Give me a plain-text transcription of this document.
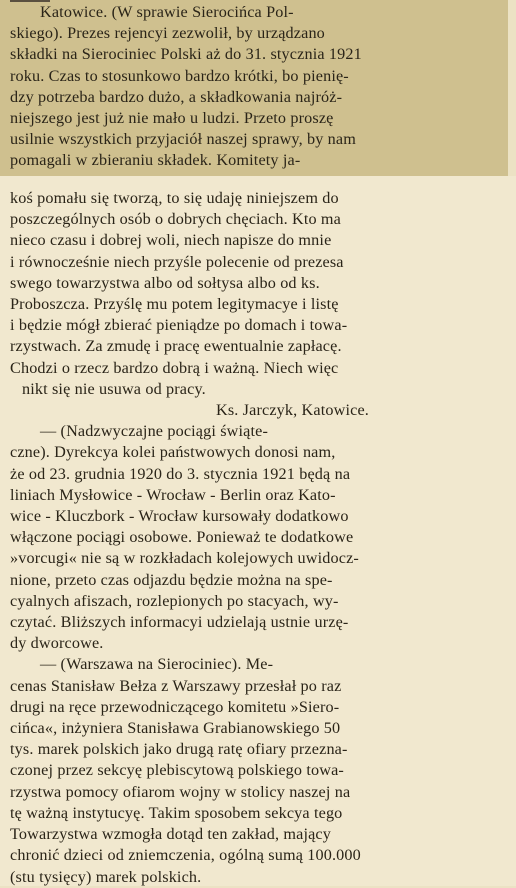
Katowice. (W sprawie Sierocińca Pol-
skiego). Prezes rejencyi zezwolił, by urządzano
składki na Sierociniec Polski aż do 31. stycznia 1921
roku. Czas to stosunkowo bardzo krótki, bo pienię-
dzy potrzeba bardzo dużo, a składkowania najróż-
niejszego jest już nie mało u ludzi. Przeto proszę
usilnie wszystkich przyjaciół naszej sprawy, by nam
pomagali w zbieraniu składek. Komitety ja-
koś pomału się tworzą, to się udaję niniejszem do
poszczególnych osób o dobrych chęciach. Kto ma
nieco czasu i dobrej woli, niech napisze do mnie
i równocześnie niech przyśle polecenie od prezesa
swego towarzystwa albo od sołtysa albo od ks.
Proboszcza. Przyślę mu potem legitymacye i listę
i będzie mógł zbierać pieniądze po domach i towa-
rzystwach. Za zmudę i pracę ewentualnie zapłacę.
Chodzi o rzecz bardzo dobrą i ważną. Niech więc
nikt się nie usuwa od pracy.
Ks. Jarczyk, Katowice.
— (Nadzwyczajne pociągi świąte-
czne). Dyrekcya kolei państwowych donosi nam,
że od 23. grudnia 1920 do 3. stycznia 1921 będą na
liniach Mysłowice - Wrocław - Berlin oraz Kato-
wice - Kluczbork - Wrocław kursowały dodatkowo
włączone pociągi osobowe. Ponieważ te dodatkowe
»vorcugi« nie są w rozkładach kolejowych uwidocz-
nione, przeto czas odjazdu będzie można na spe-
cyalnych afiszach, rozlepionych po stacyach, wy-
czytać. Bliższych informacyi udzielają ustnie urzę-
dy dworcowe.
— (Warszawa na Sierociniec). Me-
cenas Stanisław Bełza z Warszawy przesłał po raz
drugi na ręce przewodniczącego komitetu »Siero-
cińca«, inżyniera Stanisława Grabianowskiego 50
tys. marek polskich jako drugą ratę ofiary przezna-
czonej przez sekcyę plebiscytową polskiego towa-
rzystwa pomocy ofiarom wojny w stolicy naszej na
tę ważną instytucyę. Takim sposobem sekcya tego
Towarzystwa wzmogła dotąd ten zakład, mający
chronić dzieci od zniemczenia, ogólną sumą 100.000
(stu tysięcy) marek polskich.
